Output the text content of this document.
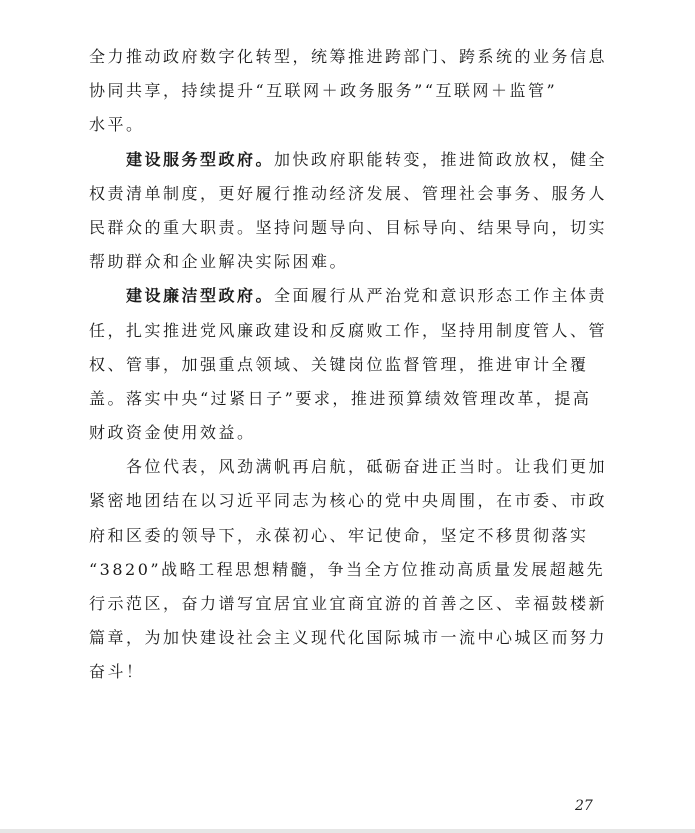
全力推动政府数字化转型，统筹推进跨部门、跨系统的业务信息
协同共享，持续提升“互联网＋政务服务”“互联网＋监管”
水平。
建设服务型政府。加快政府职能转变，推进简政放权，健全
权责清单制度，更好履行推动经济发展、管理社会事务、服务人
民群众的重大职责。坚持问题导向、目标导向、结果导向，切实
帮助群众和企业解决实际困难。
建设廉洁型政府。全面履行从严治党和意识形态工作主体责
任，扎实推进党风廉政建设和反腐败工作，坚持用制度管人、管
权、管事，加强重点领域、关键岗位监督管理，推进审计全覆
盖。落实中央“过紧日子”要求，推进预算绩效管理改革，提高
财政资金使用效益。
各位代表，风劲满帆再启航，砥砺奋进正当时。让我们更加
紧密地团结在以习近平同志为核心的党中央周围，在市委、市政
府和区委的领导下，永葆初心、牢记使命，坚定不移贯彻落实
“3820”战略工程思想精髓，争当全方位推动高质量发展超越先
行示范区，奋力谱写宜居宜业宜商宜游的首善之区、幸福鼓楼新
篇章，为加快建设社会主义现代化国际城市一流中心城区而努力
奋斗！
27
